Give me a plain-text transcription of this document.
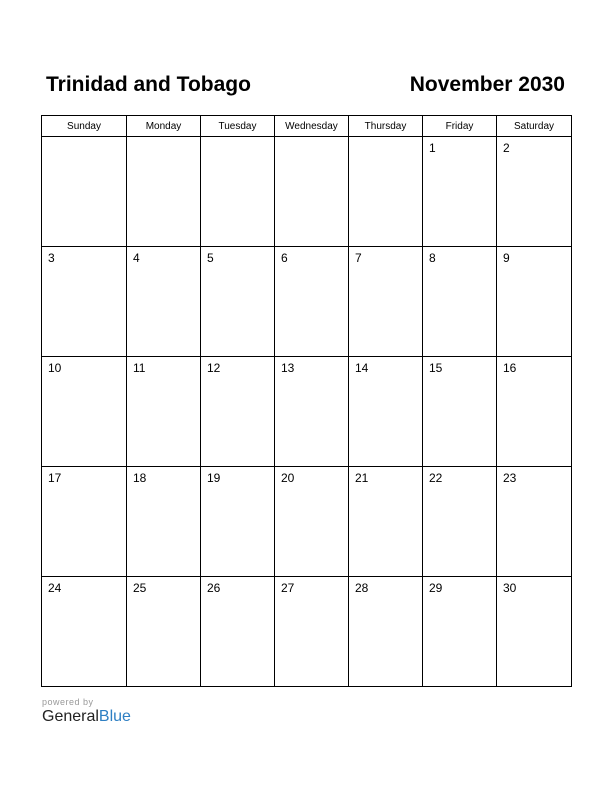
Trinidad and Tobago	November 2030
Sunday	Monday	Tuesday	Wednesday	Thursday	Friday	Saturday

					1	2

3	4	5	6	7	8	9

10	11	12	13	14	15	16

17	18	19	20	21	22	23

24	25	26	27	28	29	30
powered by
GeneralBlue
